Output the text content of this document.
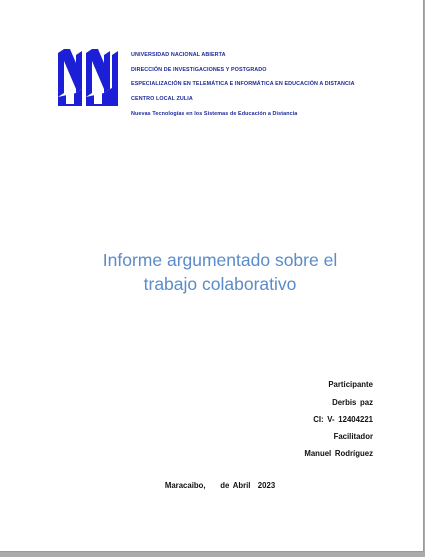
UNIVERSIDAD NACIONAL ABIERTA
DIRECCIÓN DE INVESTIGACIONES Y POSTGRADO
ESPECIALIZACIÓN EN TELEMÁTICA E INFORMÁTICA EN EDUCACIÓN A DISTANCIA
CENTRO LOCAL ZULIA
Nuevas Tecnologías en los Sistemas de Educación a Distancia
Informe argumentado sobre el
trabajo colaborativo
Participante
Derbis paz
CI: V- 12404221
Facilitador
Manuel Rodríguez
Maracaibo,    de Abril  2023
